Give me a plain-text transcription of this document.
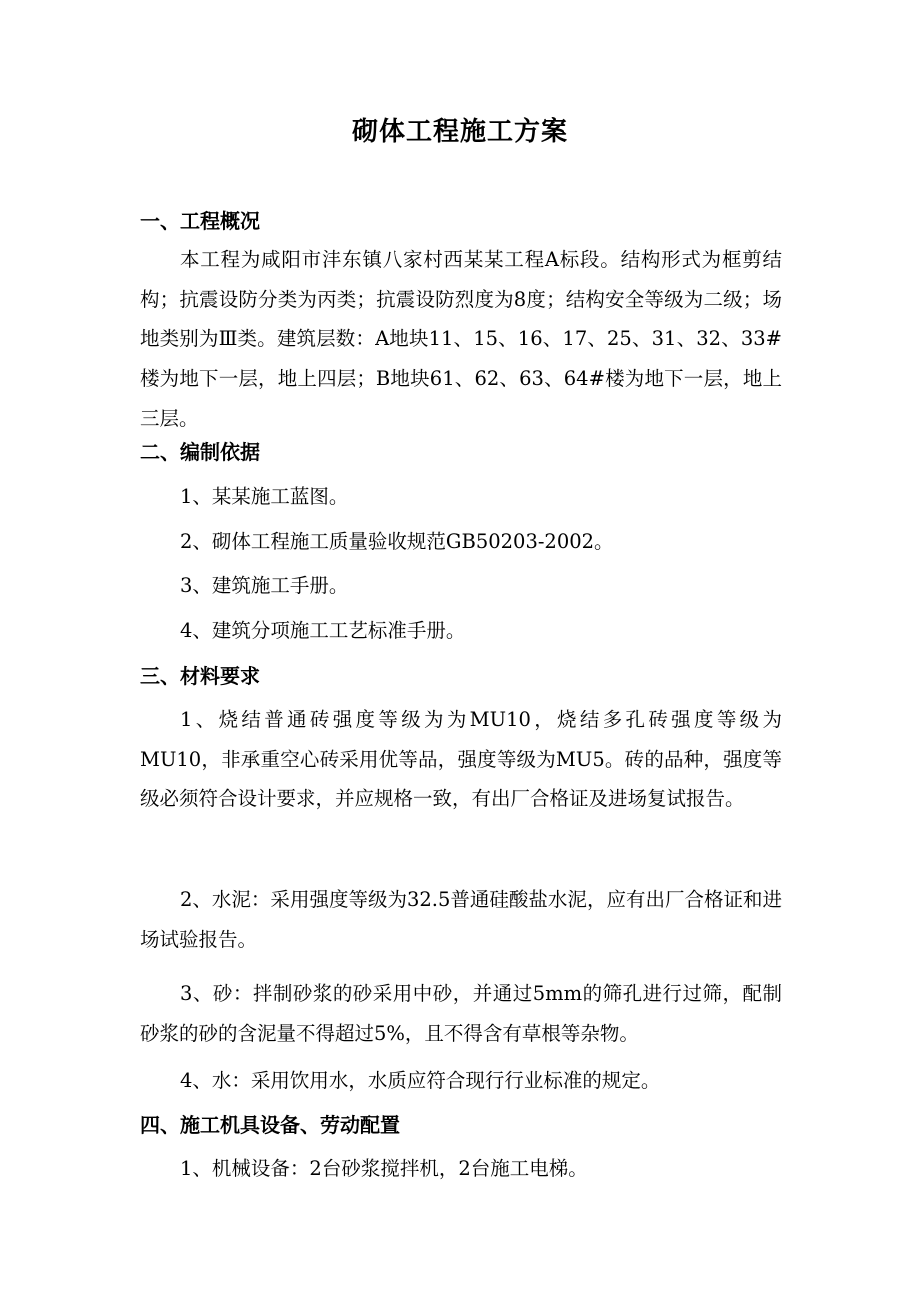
砌体工程施工方案
一、工程概况

本工程为咸阳市沣东镇八家村西某某工程A标段。结构形式为框剪结构；抗震设防分类为丙类；抗震设防烈度为8度；结构安全等级为二级；场地类别为Ⅲ类。建筑层数：A地块11、15、16、17、25、31、32、33#楼为地下一层，地上四层；B地块61、62、63、64#楼为地下一层，地上三层。

二、编制依据

1、某某施工蓝图。

2、砌体工程施工质量验收规范GB50203-2002。

3、建筑施工手册。

4、建筑分项施工工艺标准手册。

三、材料要求

1、烧结普通砖强度等级为为MU10，烧结多孔砖强度等级为MU10，非承重空心砖采用优等品，强度等级为MU5。砖的品种，强度等级必须符合设计要求，并应规格一致，有出厂合格证及进场复试报告。

2、水泥：采用强度等级为32.5普通硅酸盐水泥，应有出厂合格证和进场试验报告。

3、砂：拌制砂浆的砂采用中砂，并通过5mm的筛孔进行过筛，配制砂浆的砂的含泥量不得超过5%，且不得含有草根等杂物。

4、水：采用饮用水，水质应符合现行行业标准的规定。

四、施工机具设备、劳动配置

1、机械设备：2台砂浆搅拌机，2台施工电梯。
